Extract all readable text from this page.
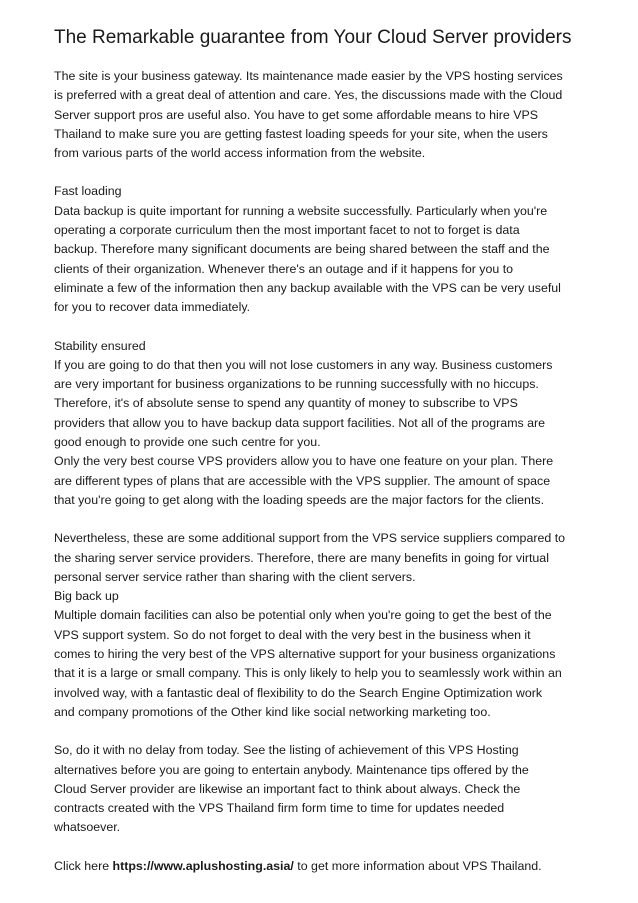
The Remarkable guarantee from Your Cloud Server providers

The site is your business gateway. Its maintenance made easier by the VPS hosting services
is preferred with a great deal of attention and care. Yes, the discussions made with the Cloud
Server support pros are useful also. You have to get some affordable means to hire VPS
Thailand to make sure you are getting fastest loading speeds for your site, when the users
from various parts of the world access information from the website.

Fast loading

Data backup is quite important for running a website successfully. Particularly when you're
operating a corporate curriculum then the most important facet to not to forget is data
backup. Therefore many significant documents are being shared between the staff and the
clients of their organization. Whenever there's an outage and if it happens for you to
eliminate a few of the information then any backup available with the VPS can be very useful
for you to recover data immediately.

Stability ensured

If you are going to do that then you will not lose customers in any way. Business customers
are very important for business organizations to be running successfully with no hiccups.
Therefore, it's of absolute sense to spend any quantity of money to subscribe to VPS
providers that allow you to have backup data support facilities. Not all of the programs are
good enough to provide one such centre for you.

Only the very best course VPS providers allow you to have one feature on your plan. There
are different types of plans that are accessible with the VPS supplier. The amount of space
that you're going to get along with the loading speeds are the major factors for the clients.

Nevertheless, these are some additional support from the VPS service suppliers compared to
the sharing server service providers. Therefore, there are many benefits in going for virtual
personal server service rather than sharing with the client servers.

Big back up

Multiple domain facilities can also be potential only when you're going to get the best of the
VPS support system. So do not forget to deal with the very best in the business when it
comes to hiring the very best of the VPS alternative support for your business organizations
that it is a large or small company. This is only likely to help you to seamlessly work within an
involved way, with a fantastic deal of flexibility to do the Search Engine Optimization work
and company promotions of the Other kind like social networking marketing too.

So, do it with no delay from today. See the listing of achievement of this VPS Hosting
alternatives before you are going to entertain anybody. Maintenance tips offered by the
Cloud Server provider are likewise an important fact to think about always. Check the
contracts created with the VPS Thailand firm form time to time for updates needed
whatsoever.

Click here https://www.aplushosting.asia/ to get more information about VPS Thailand.
